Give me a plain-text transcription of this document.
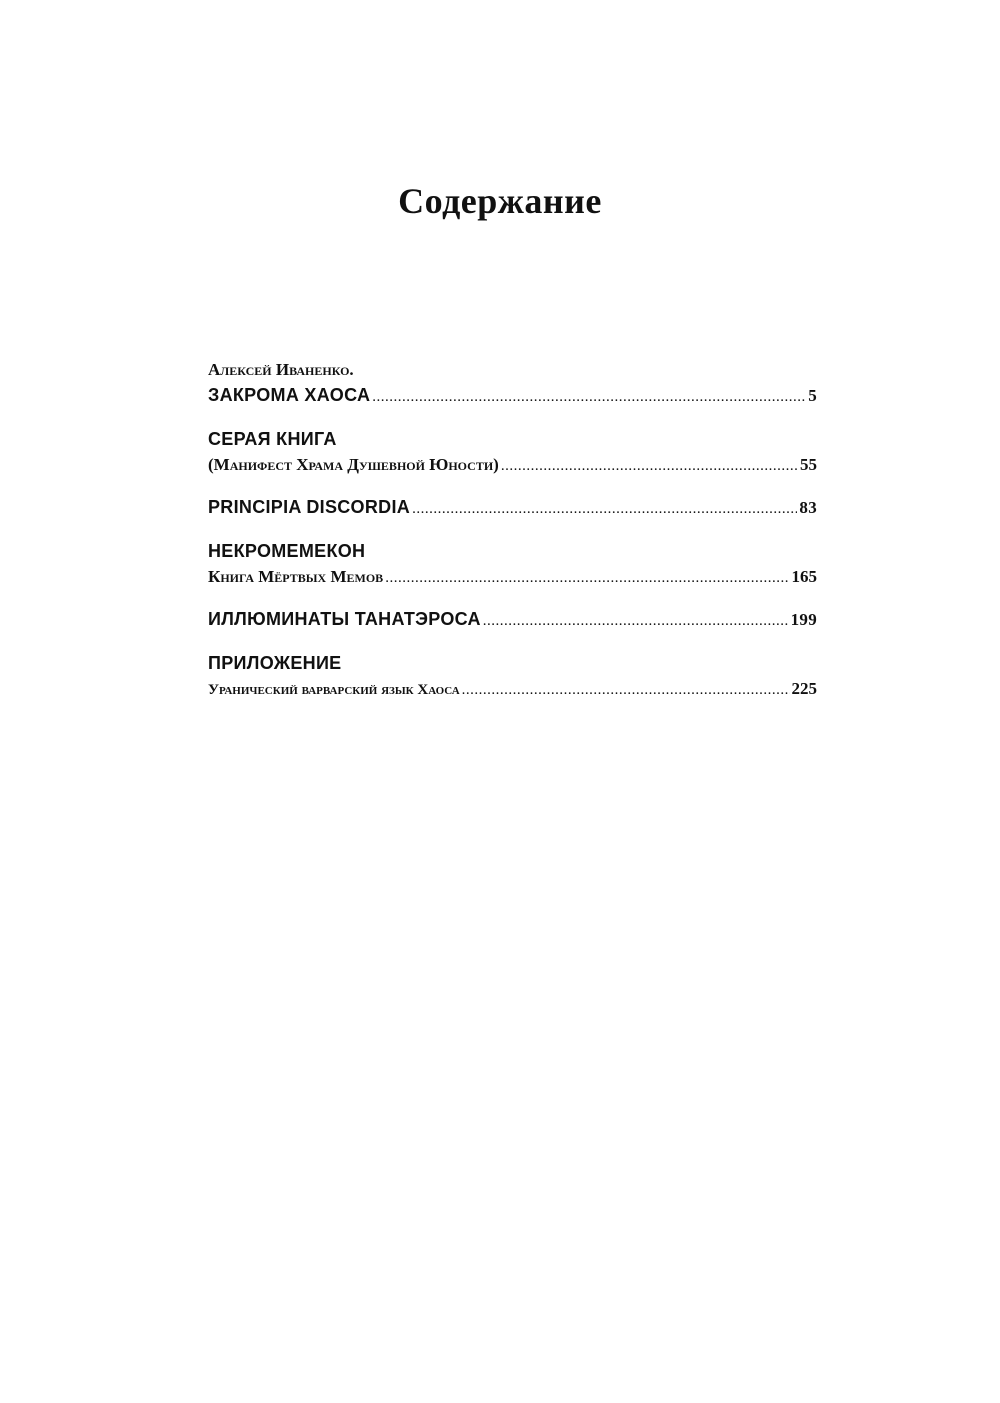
Содержание
Алексей Иваненко.
ЗАКРОМА ХАОСА .....	5
СЕРАЯ КНИГА
(Манифест Храма Душевной Юности) .....	55
PRINCIPIA DISCORDIA .....	83
НЕКРОМЕМЕКОН
Книга Мёртвых Мемов .....	165
ИЛЛЮМИНАТЫ ТАНАТЭРОСА .....	199
ПРИЛОЖЕНИЕ
Уранический варварский язык Хаоса .....	225
